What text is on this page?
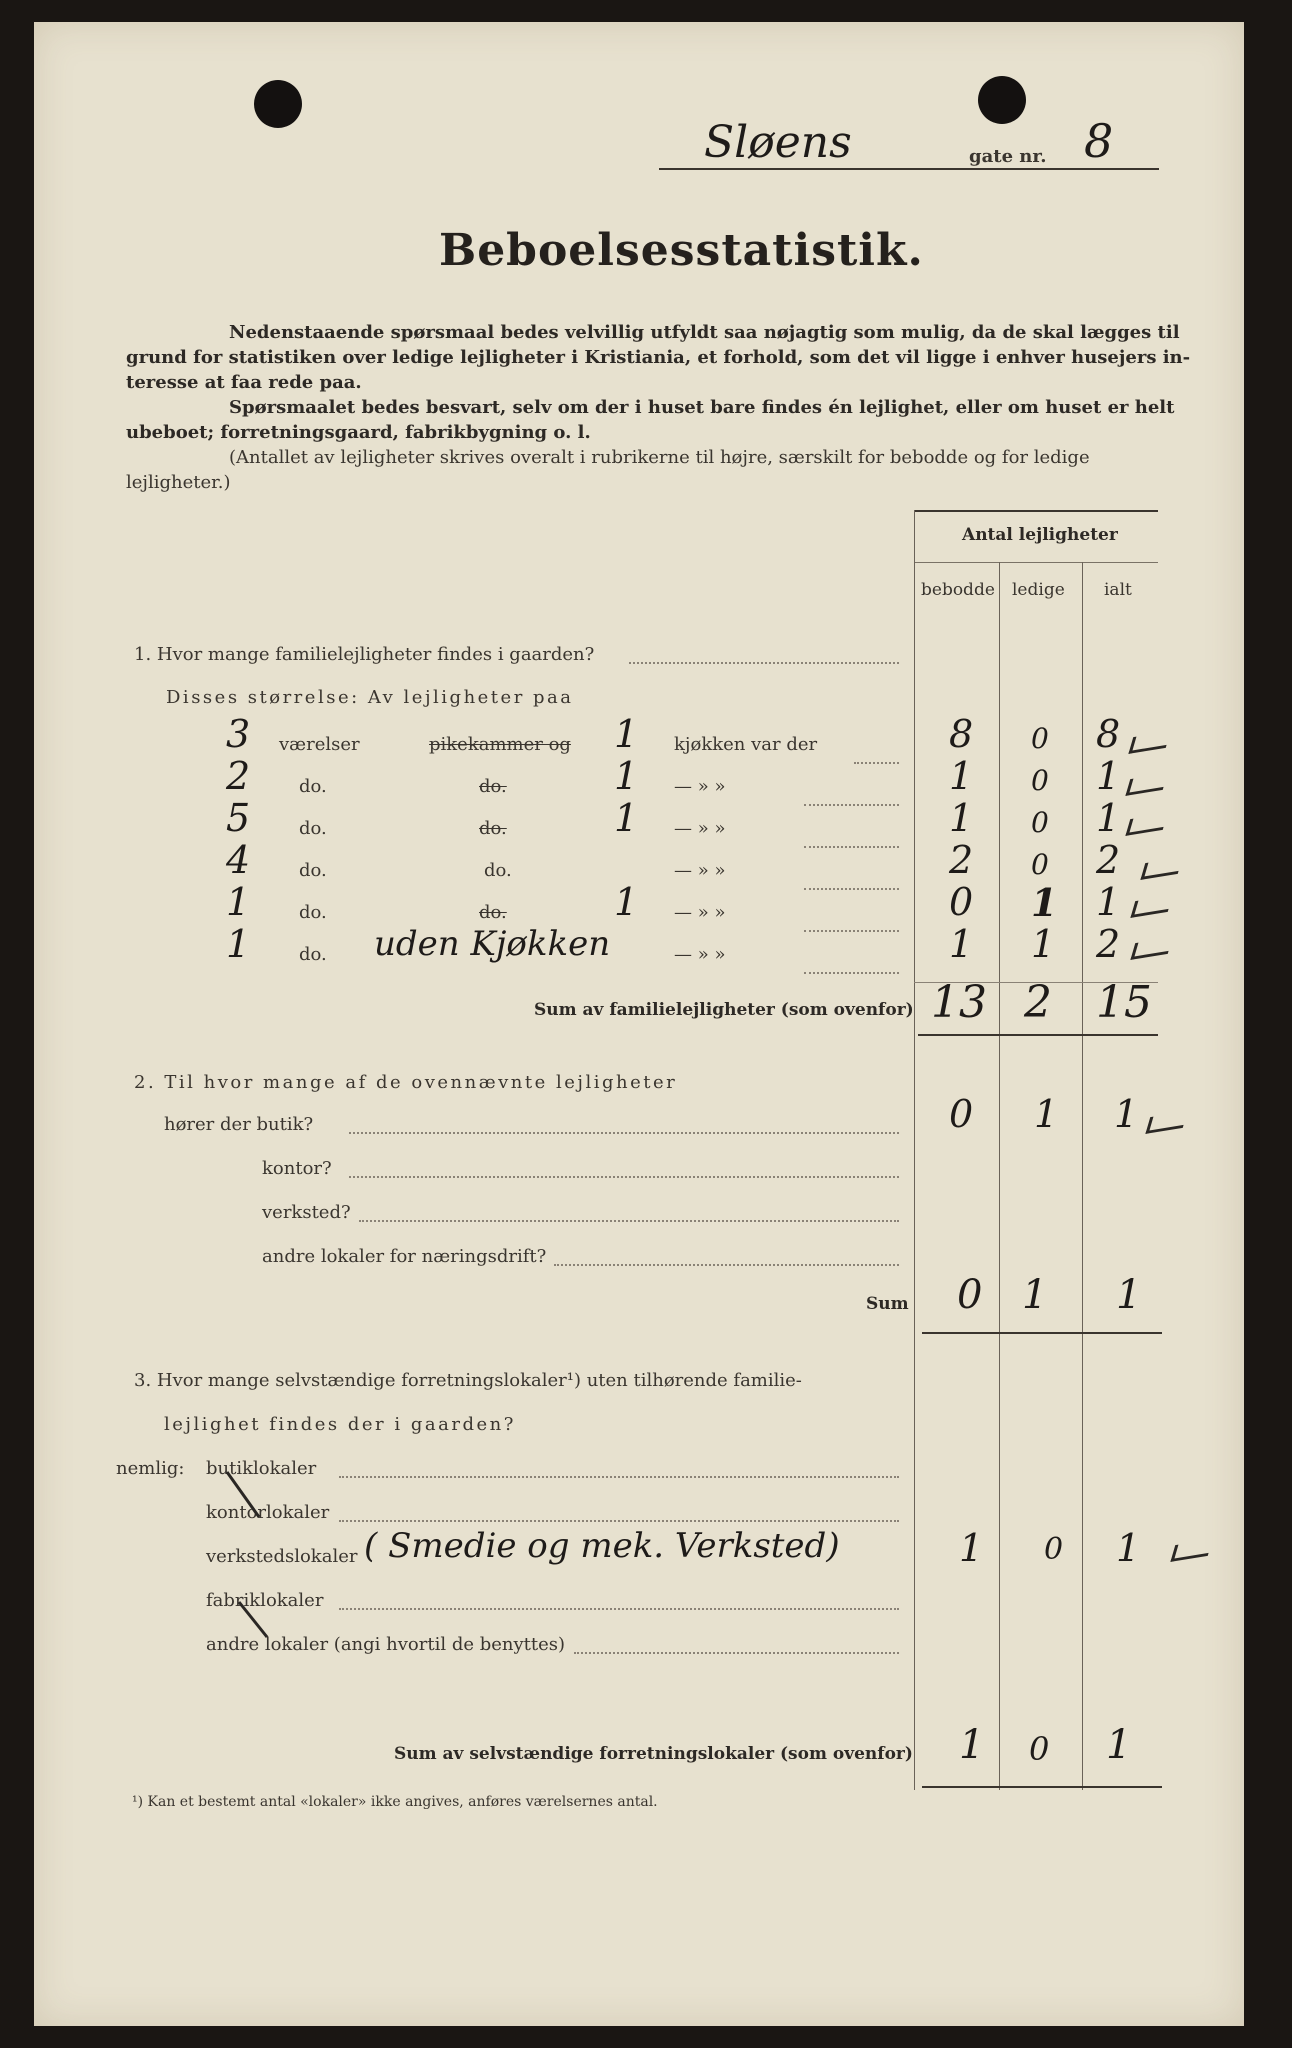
Sløens	gate nr. 8
Beboelsesstatistik.
Nedenstaaende spørsmaal bedes velvillig utfyldt saa nøjagtig som mulig, da de skal lægges til
grund for statistiken over ledige lejligheter i Kristiania, et forhold, som det vil ligge i enhver husejers in-
teresse at faa rede paa.
Spørsmaalet bedes besvart, selv om der i huset bare findes én lejlighet, eller om huset er helt
ubeboet; forretningsgaard, fabrikbygning o. l.
(Antallet av lejligheter skrives overalt i rubrikerne til højre, særskilt for bebodde og for ledige
lejligheter.)
Antal lejligheter
bebodde ledige ialt
1. Hvor mange familielejligheter findes i gaarden?
Disses størrelse: Av lejligheter paa
3 værelser	pikekammer og 1 kjøkken var der	8 0 8
2	do.	do.	1 — » »	1 0 1
5	do.	do.	1 — » »	1 0 1
4	do.	do.	— » »	2 0 2
1	do.	do.	1 — » »	0 1 1
1	do. uden Kjøkken	— » »	1 1 2
Sum av familielejligheter (som ovenfor) 13 2 15
2. Til hvor mange af de ovennævnte lejligheter
hører der butik?	0 1 1
kontor?
verksted?
andre lokaler for næringsdrift?
Sum 0 1 1
3. Hvor mange selvstændige forretningslokaler¹) uten tilhørende familie-
lejlighet findes der i gaarden?
nemlig: butiklokaler
kontorlokaler
verkstedslokaler ( Smedie og mek. Verksted)	1 0 1
fabriklokaler
andre lokaler (angi hvortil de benyttes)
Sum av selvstændige forretningslokaler (som ovenfor) 1 0 1
¹) Kan et bestemt antal «lokaler» ikke angives, anføres værelsernes antal.
